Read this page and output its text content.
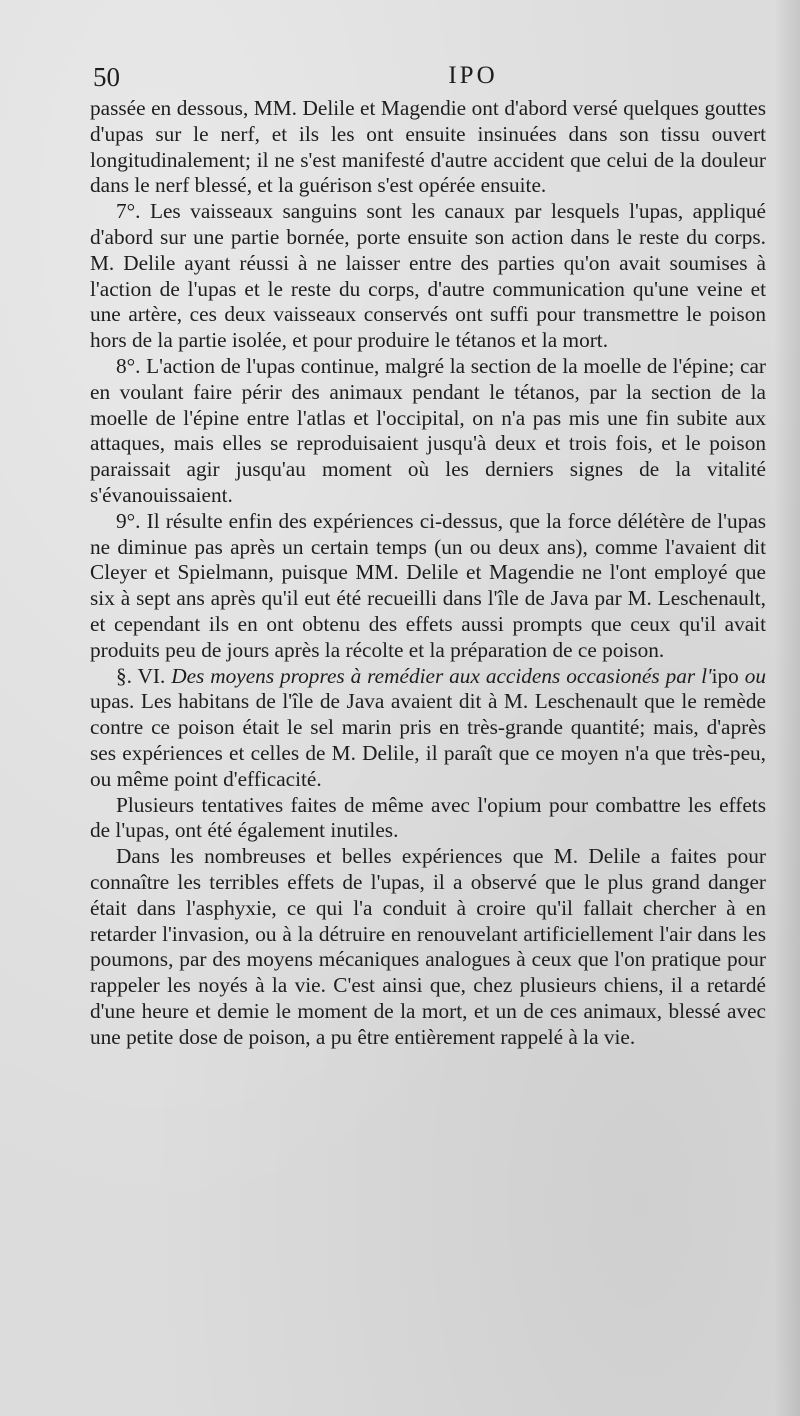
50	IPO

passée en dessous, MM. Delile et Magendie ont d'abord versé quelques gouttes d'upas sur le nerf, et ils les ont ensuite insinuées dans son tissu ouvert longitudinalement; il ne s'est manifesté d'autre accident que celui de la douleur dans le nerf blessé, et la guérison s'est opérée ensuite.

7°. Les vaisseaux sanguins sont les canaux par lesquels l'upas, appliqué d'abord sur une partie bornée, porte ensuite son action dans le reste du corps. M. Delile ayant réussi à ne laisser entre des parties qu'on avait soumises à l'action de l'upas et le reste du corps, d'autre communication qu'une veine et une artère, ces deux vaisseaux conservés ont suffi pour transmettre le poison hors de la partie isolée, et pour produire le tétanos et la mort.

8°. L'action de l'upas continue, malgré la section de la moelle de l'épine; car en voulant faire périr des animaux pendant le tétanos, par la section de la moelle de l'épine entre l'atlas et l'occipital, on n'a pas mis une fin subite aux attaques, mais elles se reproduisaient jusqu'à deux et trois fois, et le poison paraissait agir jusqu'au moment où les derniers signes de la vitalité s'évanouissaient.

9°. Il résulte enfin des expériences ci-dessus, que la force délétère de l'upas ne diminue pas après un certain temps (un ou deux ans), comme l'avaient dit Cleyer et Spielmann, puisque MM. Delile et Magendie ne l'ont employé que six à sept ans après qu'il eut été recueilli dans l'île de Java par M. Leschenault, et cependant ils en ont obtenu des effets aussi prompts que ceux qu'il avait produits peu de jours après la récolte et la préparation de ce poison.

§. VI. Des moyens propres à remédier aux accidens occasionés par l'ipo ou upas. Les habitans de l'île de Java avaient dit à M. Leschenault que le remède contre ce poison était le sel marin pris en très-grande quantité; mais, d'après ses expériences et celles de M. Delile, il paraît que ce moyen n'a que très-peu, ou même point d'efficacité.

Plusieurs tentatives faites de même avec l'opium pour combattre les effets de l'upas, ont été également inutiles.

Dans les nombreuses et belles expériences que M. Delile a faites pour connaître les terribles effets de l'upas, il a observé que le plus grand danger était dans l'asphyxie, ce qui l'a conduit à croire qu'il fallait chercher à en retarder l'invasion, ou à la détruire en renouvelant artificiellement l'air dans les poumons, par des moyens mécaniques analogues à ceux que l'on pratique pour rappeler les noyés à la vie. C'est ainsi que, chez plusieurs chiens, il a retardé d'une heure et demie le moment de la mort, et un de ces animaux, blessé avec une petite dose de poison, a pu être entièrement rappelé à la vie.
